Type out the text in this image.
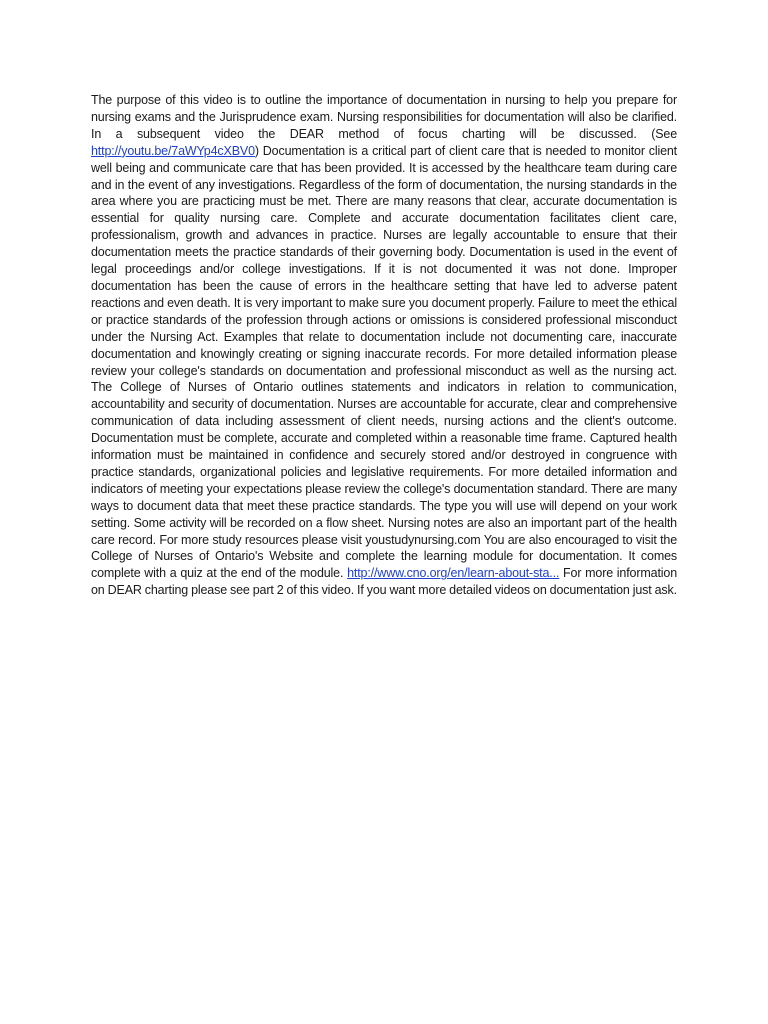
The purpose of this video is to outline the importance of documentation in nursing to help you prepare for nursing exams and the Jurisprudence exam. Nursing responsibilities for documentation will also be clarified. In a subsequent video the DEAR method of focus charting will be discussed. (See http://youtu.be/7aWYp4cXBV0) Documentation is a critical part of client care that is needed to monitor client well being and communicate care that has been provided. It is accessed by the healthcare team during care and in the event of any investigations. Regardless of the form of documentation, the nursing standards in the area where you are practicing must be met. There are many reasons that clear, accurate documentation is essential for quality nursing care. Complete and accurate documentation facilitates client care, professionalism, growth and advances in practice. Nurses are legally accountable to ensure that their documentation meets the practice standards of their governing body. Documentation is used in the event of legal proceedings and/or college investigations. If it is not documented it was not done. Improper documentation has been the cause of errors in the healthcare setting that have led to adverse patent reactions and even death. It is very important to make sure you document properly. Failure to meet the ethical or practice standards of the profession through actions or omissions is considered professional misconduct under the Nursing Act. Examples that relate to documentation include not documenting care, inaccurate documentation and knowingly creating or signing inaccurate records. For more detailed information please review your college's standards on documentation and professional misconduct as well as the nursing act. The College of Nurses of Ontario outlines statements and indicators in relation to communication, accountability and security of documentation. Nurses are accountable for accurate, clear and comprehensive communication of data including assessment of client needs, nursing actions and the client's outcome. Documentation must be complete, accurate and completed within a reasonable time frame. Captured health information must be maintained in confidence and securely stored and/or destroyed in congruence with practice standards, organizational policies and legislative requirements. For more detailed information and indicators of meeting your expectations please review the college's documentation standard. There are many ways to document data that meet these practice standards. The type you will use will depend on your work setting. Some activity will be recorded on a flow sheet. Nursing notes are also an important part of the health care record. For more study resources please visit youstudynursing.com You are also encouraged to visit the College of Nurses of Ontario's Website and complete the learning module for documentation. It comes complete with a quiz at the end of the module. http://www.cno.org/en/learn-about-sta... For more information on DEAR charting please see part 2 of this video. If you want more detailed videos on documentation just ask.
